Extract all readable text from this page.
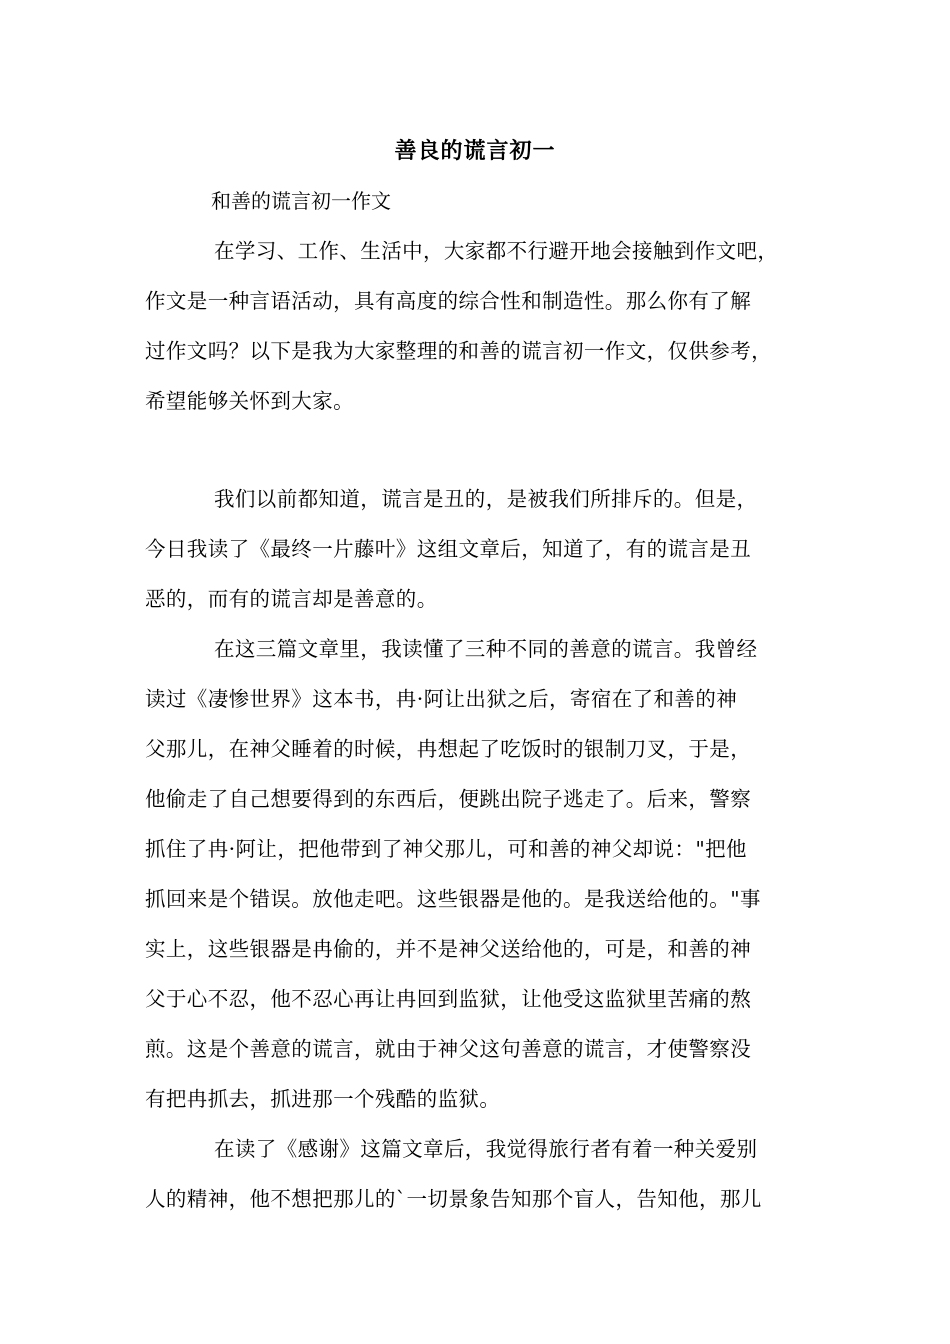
善良的谎言初一
和善的谎言初一作文
在学习、工作、生活中，大家都不行避开地会接触到作文吧，
作文是一种言语活动，具有高度的综合性和制造性。那么你有了解
过作文吗？以下是我为大家整理的和善的谎言初一作文，仅供参考，
希望能够关怀到大家。
我们以前都知道，谎言是丑的，是被我们所排斥的。但是，
今日我读了《最终一片藤叶》这组文章后，知道了，有的谎言是丑
恶的，而有的谎言却是善意的。
在这三篇文章里，我读懂了三种不同的善意的谎言。我曾经
读过《凄惨世界》这本书，冉·阿让出狱之后，寄宿在了和善的神
父那儿，在神父睡着的时候，冉想起了吃饭时的银制刀叉，于是，
他偷走了自己想要得到的东西后，便跳出院子逃走了。后来，警察
抓住了冉·阿让，把他带到了神父那儿，可和善的神父却说："把他
抓回来是个错误。放他走吧。这些银器是他的。是我送给他的。"事
实上，这些银器是冉偷的，并不是神父送给他的，可是，和善的神
父于心不忍，他不忍心再让冉回到监狱，让他受这监狱里苦痛的熬
煎。这是个善意的谎言，就由于神父这句善意的谎言，才使警察没
有把冉抓去，抓进那一个残酷的监狱。
在读了《感谢》这篇文章后，我觉得旅行者有着一种关爱别
人的精神，他不想把那儿的`一切景象告知那个盲人，告知他，那儿
